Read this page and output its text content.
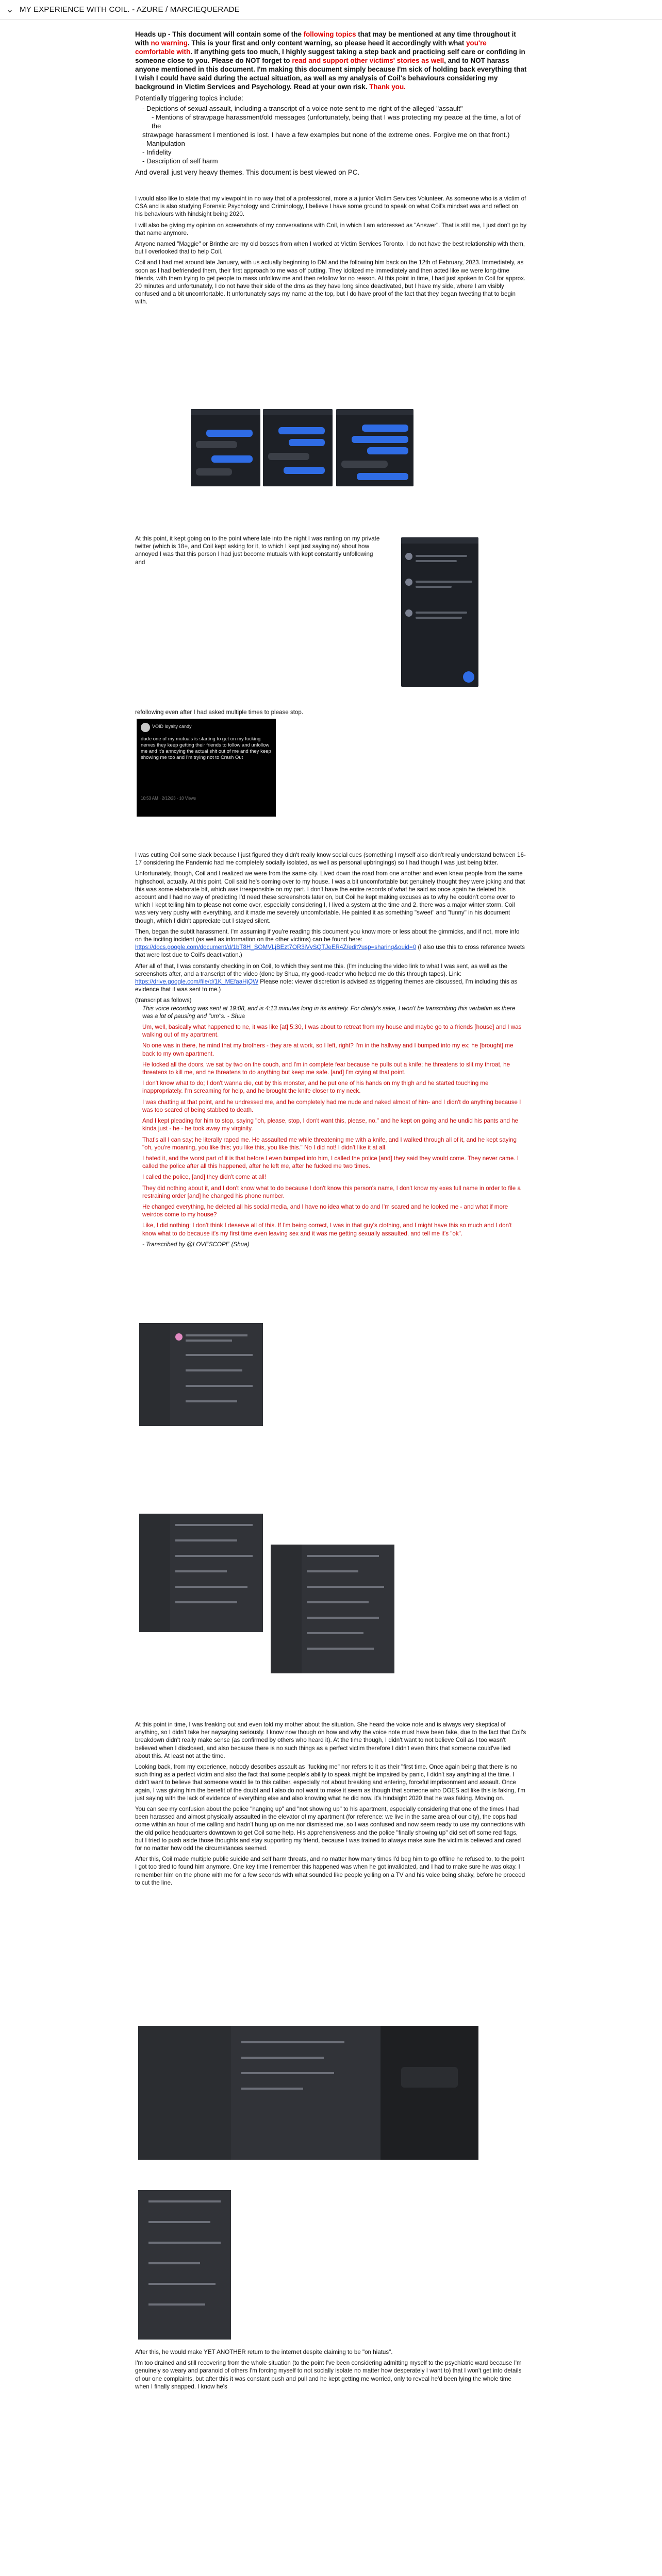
⌄ MY EXPERIENCE WITH COIL. - AZURE / MARCIEQUERADE

Heads up - This document will contain some of the following topics that may be mentioned at any time throughout it with no warning. This is your first and only content warning, so please heed it accordingly with what you're comfortable with. If anything gets too much, I highly suggest taking a step back and practicing self care or confiding in someone close to you. Please do NOT forget to read and support other victims' stories as well, and to NOT harass anyone mentioned in this document. I'm making this document simply because I'm sick of holding back everything that I wish I could have said during the actual situation, as well as my analysis of Coil's behaviours considering my background in Victim Services and Psychology. Read at your own risk. Thank you.

Potentially triggering topics include:
- Depictions of sexual assault, including a transcript of a voice note sent to me right of the alleged "assault"
- Mentions of strawpage harassment/old messages (unfortunately, being that I was protecting my peace at the time, a lot of the
strawpage harassment I mentioned is lost. I have a few examples but none of the extreme ones. Forgive me on that front.)
- Manipulation
- Infidelity
- Description of self harm
And overall just very heavy themes. This document is best viewed on PC.

I would also like to state that my viewpoint in no way that of a professional, more a a junior Victim Services Volunteer. As someone who is a victim of CSA and is also studying Forensic Psychology and Criminology, I believe I have some ground to speak on what Coil's mindset was and reflect on his behaviours with hindsight being 2020.

I will also be giving my opinion on screenshots of my conversations with Coil, in which I am addressed as "Answer". That is still me, I just don't go by that name anymore.

Anyone named "Maggie" or Brinthe are my old bosses from when I worked at Victim Services Toronto. I do not have the best relationship with them, but I overlooked that to help Coil.

Coil and I had met around late January, with us actually beginning to DM and the following him back on the 12th of February, 2023. Immediately, as soon as I had befriended them, their first approach to me was off putting. They idolized me immediately and then acted like we were long-time friends, with them trying to get people to mass unfollow me and then refollow for no reason. At this point in time, I had just spoken to Coil for approx. 20 minutes and unfortunately, I do not have their side of the dms as they have long since deactivated, but I have my side, where I am visibly confused and a bit uncomfortable. It unfortunately says my name at the top, but I do have proof of the fact that they began tweeting that to begin with.

At this point, it kept going on to the point where late into the night I was ranting on my private twitter (which is 18+, and Coil kept asking for it, to which I kept just saying no) about how annoyed I was that this person I had just become mutuals with kept constantly unfollowing and

refollowing even after I had asked multiple times to please stop.

VOID loyalty candy
dude one of my mutuals is starting to get on my fucking nerves they keep getting their friends to follow and unfollow me and it's annoying the actual shit out of me and they keep showing me too and I'm trying not to Crash Out
10:53 AM · 2/12/23 · 10 Views

I was cutting Coil some slack because I just figured they didn't really know social cues (something I myself also didn't really understand between 16-17 considering the Pandemic had me completely socially isolated, as well as personal upbringings) so I had though I was just being bitter.

Unfortunately, though, Coil and I realized we were from the same city. Lived down the road from one another and even knew people from the same highschool, actually. At this point, Coil said he's coming over to my house. I was a bit uncomfortable but genuinely thought they were joking and that this was some elaborate bit, which was irresponsible on my part. I don't have the entire records of what he said as once again he deleted his account and I had no way of predicting I'd need these screenshots later on, but Coil he kept making excuses as to why he couldn't come over to which I kept telling him to please not come over, especially considering I, I lived a system at the time and 2. there was a major winter storm. Coil was very very pushy with everything, and it made me severely uncomfortable. He painted it as something "sweet" and "funny" in his document though, which I didn't appreciate but I stayed silent.

Then, began the subtlt harassment. I'm assuming if you're reading this document you know more or less about the gimmicks, and if not, more info on the inciting incident (as well as information on the other victims) can be found here: https://docs.google.com/document/d/1bT8H_SOMVLjBEzt7OR3iVvSQTJeER4Z/edit?usp=sharing&ouid=0 (I also use this to cross reference tweets that were lost due to Coil's deactivation.)

After all of that, I was constantly checking in on Coil, to which they sent me this. (I'm including the video link to what I was sent, as well as the screenshots after, and a transcript of the video (done by Shua, my good-reader who helped me do this through tapes). Link: https://drive.google.com/file/d/1K_MEfaaHjQW Please note: viewer discretion is advised as triggering themes are discussed, I'm including this as evidence that it was sent to me.)

(transcript as follows)

This voice recording was sent at 19:08, and is 4:13 minutes long in its entirety. For clarity's sake, I won't be transcribing this verbatim as there was a lot of pausing and "um"s. - Shua

Um, well, basically what happened to ne, it was like [at] 5:30, I was about to retreat from my house and maybe go to a friends [house] and I was walking out of my apartment.

No one was in there, he mind that my brothers - they are at work, so I left, right? I'm in the hallway and I bumped into my ex; he [brought] me back to my own apartment.

He locked all the doors, we sat by two on the couch, and I'm in complete fear because he pulls out a knife; he threatens to slit my throat, he threatens to kill me, and he threatens to do anything but keep me safe. [and] I'm crying at that point.

I don't know what to do; I don't wanna die, cut by this monster, and he put one of his hands on my thigh and he started touching me inappropriately. I'm screaming for help, and he brought the knife closer to my neck.

I was chatting at that point, and he undressed me, and he completely had me nude and naked almost of him- and I didn't do anything because I was too scared of being stabbed to death.

And I kept pleading for him to stop, saying "oh, please, stop, I don't want this, please, no." and he kept on going and he undid his pants and he kinda just - he - he took away my virginity.

That's all I can say; he literally raped me. He assaulted me while threatening me with a knife, and I walked through all of it, and he kept saying "oh, you're moaning, you like this; you like this, you like this." No I did not! I didn't like it at all.

I hated it, and the worst part of it is that before I even bumped into him, I called the police [and] they said they would come. They never came. I called the police after all this happened, after he left me, after he fucked me two times.

I called the police, [and] they didn't come at all!

They did nothing about it, and I don't know what to do because I don't know this person's name, I don't know my exes full name in order to file a restraining order [and] he changed his phone number.

He changed everything, he deleted all his social media, and I have no idea what to do and I'm scared and he looked me - and what if more weirdos come to my house?

Like, I did nothing; I don't think I deserve all of this. If I'm being correct, I was in that guy's clothing, and I might have this so much and I don't know what to do because it's my first time even leaving sex and it was me getting sexually assaulted, and tell me it's "ok".

- Transcribed by @LOVESCOPE (Shua)

At this point in time, I was freaking out and even told my mother about the situation. She heard the voice note and is always very skeptical of anything, so I didn't take her naysaying seriously. I know now though on how and why the voice note must have been fake, due to the fact that Coil's breakdown didn't really make sense (as confirmed by others who heard it). At the time though, I didn't want to not believe Coil as I too wasn't believed when I disclosed, and also because there is no such things as a perfect victim therefore I didn't even think that someone could've lied about this. At least not at the time.

Looking back, from my experience, nobody describes assault as "fucking me" nor refers to it as their "first time. Once again being that there is no such thing as a perfect victim and also the fact that some people's ability to speak might be impaired by panic, I didn't say anything at the time. I didn't want to believe that someone would lie to this caliber, especially not about breaking and entering, forceful imprisonment and assault. Once again, I was giving him the benefit of the doubt and I also do not want to make it seem as though that someone who DOES act like this is faking, I'm just saying with the lack of evidence of everything else and also knowing what he did now, it's hindsight 2020 that he was faking. Moving on.

You can see my confusion about the police "hanging up" and "not showing up" to his apartment, especially considering that one of the times I had been harassed and almost physically assaulted in the elevator of my apartment (for reference: we live in the same area of our city), the cops had come within an hour of me calling and hadn't hung up on me nor dismissed me, so I was confused and now seem ready to use my connections with the old police headquarters downtown to get Coil some help. His apprehensiveness and the police "finally showing up" did set off some red flags, but I tried to push aside those thoughts and stay supporting my friend, because I was trained to always make sure the victim is believed and cared for no matter how odd the circumstances seemed.

After this, Coil made multiple public suicide and self harm threats, and no matter how many times I'd beg him to go offline he refused to, to the point I got too tired to found him anymore. One key time I remember this happened was when he got invalidated, and I had to make sure he was okay. I remember him on the phone with me for a few seconds with what sounded like people yelling on a TV and his voice being shaky, before he proceed to cut the line.

After this, he would make YET ANOTHER return to the internet despite claiming to be "on hiatus".

I'm too drained and still recovering from the whole situation (to the point I've been considering admitting myself to the psychiatric ward because I'm genuinely so weary and paranoid of others I'm forcing myself to not socially isolate no matter how desperately I want to) that I won't get into details of our one complaints, but after this it was constant push and pull and he kept getting me worried, only to reveal he'd been lying the whole time when I finally snapped. I know he's
